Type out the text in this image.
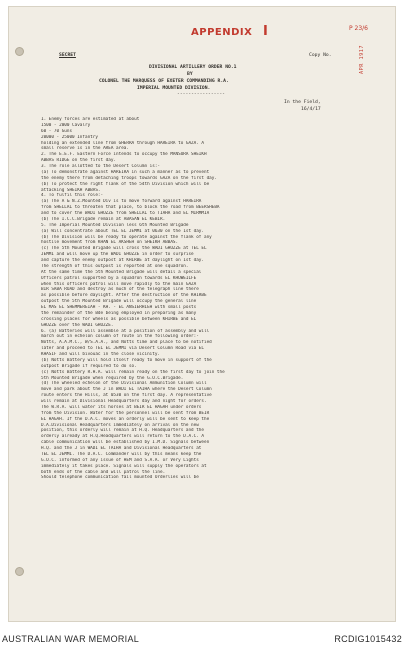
APPENDIX I	P 23/6
APR 1917
SECRET	Copy No.
DIVISIONAL ARTILLERY ORDER NO.1
BY
COLONEL THE MARQUESS OF EXETER COMMANDING R.A.
IMPERIAL MOUNTED DIVISION.
-----------------
In the Field,
16/4/17
1. Enemy forces are estimated at about
1500 - 2000 Cavalry
60 - 70 Guns
20000 - 25000 Infantry
holding an extended line from GHERRA through HAREIRA to GAZA. A
small reserve is in the AREA area.
2. The E.E.F. Eastern Force intends to occupy the MANSURA SHEIKH
ABBAS RIDGE on the first day.
3. The role allotted to the Desert Column is:-
(a) To demonstrate against HAREIRA in such a manner as to prevent
the enemy there from detaching troops towards GAZA on the first day.
(b) To protect the right flank of the 54th Division which will be
attacking SHEIKH ABBAS.
4. To fulfil this role:-
(a) The A & N.Z.Mounted Div is to move forward against HAREIRA
from SHELLAL to threaten that place, to block the road from BEERSHEBA
and to cover the WADI GHUZZE from SHELLAL to TIAHA and EL MIRMMIA
(b) The I.C.C.Brigade remain at ABASAN EL KEBIR.
5. The Imperial Mounted Division less 6th Mounted Brigade
(a) Will concentrate about TEL EL JEMMI at 0630 on the 1st day.
(b) The Division will be ready to operate against the flank of any
hostile movement from KHAN EL AKSHEH on SHEIKH ABBAS.
(c) The 5th Mounted Brigade will cross the WADI GHUZZE at TEL EL
JEMMI and will move up the WADI GHUZZE in order to surprise
and capture the enemy outpost at KHIRBE at daylight on 1st day.
The strength of this outpost is reported at one squadron.
At the same time the 5th Mounted Brigade will detail a special
Officers patrol supported by a squadron towards EL KHUWEILFE
when this officers patrol will move rapidly to the main GAZA
BIR SABA ROAD and destroy as much of the telegraph line there
as possible before daylight. After the destruction of the KHIRBE
outpost the 5th Mounted Brigade will occupy the general line
EL MAS EL SHEMMEREIAH - KH. - EL ANSIERHIEH with small posts
the remainder of the Bde being employed in preparing as many
crossing places for wheels as possible between KHIRBE and EL
GHUZZE over the WADI GHUZZE.
6. (a) Batteries will assemble at a position of assembly and will
march out in echelon column of route in the following order:-
Notts, A.A.M.C., W/S.A.A., and Notts time and place to be notified
later and proceed to TEL EL JEMMI via Desert Column Road via EL
KHASIF and will bivouac in the close vicinity.
(b) Notts Battery will hold itself ready to move in support of the
outpost Brigade if required to do so.
(c) Notts Battery R.H.A. will remain ready on the first day to join the
5th Mounted Brigade when required by the G.O.C.Brigade.
(d) The wheeled echelon of the Divisional Ammunition Column will
move and park about the J in WADI EL TAIHA where the Desert Column
route enters the Hills, at 0530 on the first day. A representative
will remain at Divisional Headquarters day and night for orders.
The W.R.A. will water its horses at BEIR EL HAGAH under orders
from the Division. Water for the personnel will be sent from BEIR
EL HAGAH. If the D.A.C. moves an orderly will be sent to keep the
D.A.Divisional Headquarters immediately on arrival on the new
position, this orderly will remain at H.Q. Headquarters and the
orderly already at H.Q.Headquarters will return to the D.A.C. A
cable communication will be established by I.M.D. Signals between
H.Q. and the J in WADI EL TAIHA and Divisional Headquarters at
TEL EL JEMMI. The D.A.C. Commander will by this means keep the
G.O.C. informed of any issue of HEM and S.A.A. or Very Lights
immediately it takes place. Signals will supply the operators at
both ends of the cable and will patrol the line.
Should telephone communication fail mounted Orderlies will be
AUSTRALIAN WAR MEMORIAL	RCDIG1015432
